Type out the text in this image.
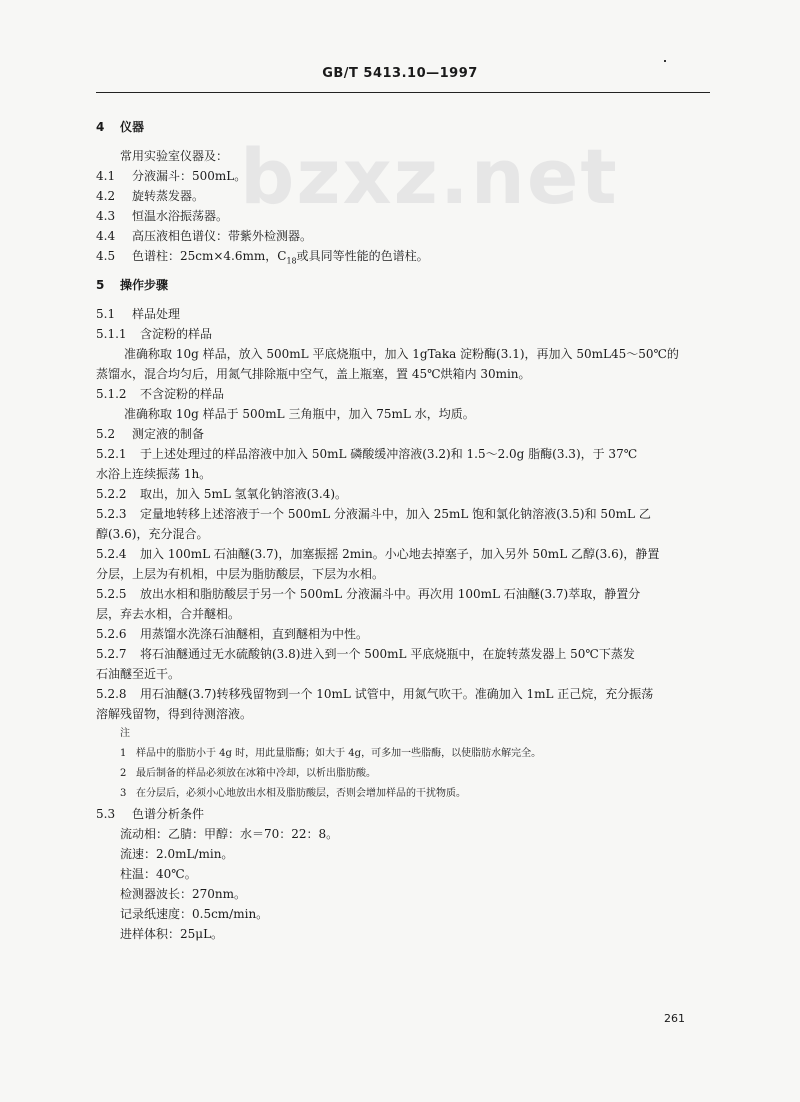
GB/T 5413.10—1997
bzxz.net
4 仪器
常用实验室仪器及：
4.1 分液漏斗：500mL。
4.2 旋转蒸发器。
4.3 恒温水浴振荡器。
4.4 高压液相色谱仪：带紫外检测器。
4.5 色谱柱：25cm×4.6mm，$C_{18}$或具同等性能的色谱柱。
5 操作步骤
5.1 样品处理
5.1.1 含淀粉的样品
准确称取 10g 样品，放入 500mL 平底烧瓶中，加入 1gTaka 淀粉酶(3.1)，再加入 50mL45～50℃的
蒸馏水，混合均匀后，用氮气排除瓶中空气，盖上瓶塞，置 45℃烘箱内 30min。
5.1.2 不含淀粉的样品
准确称取 10g 样品于 500mL 三角瓶中，加入 75mL 水，均质。
5.2 测定液的制备
5.2.1 于上述处理过的样品溶液中加入 50mL 磷酸缓冲溶液(3.2)和 1.5～2.0g 脂酶(3.3)，于 37℃
水浴上连续振荡 1h。
5.2.2 取出，加入 5mL 氢氧化钠溶液(3.4)。
5.2.3 定量地转移上述溶液于一个 500mL 分液漏斗中，加入 25mL 饱和氯化钠溶液(3.5)和 50mL 乙
醇(3.6)，充分混合。
5.2.4 加入 100mL 石油醚(3.7)，加塞振摇 2min。小心地去掉塞子，加入另外 50mL 乙醇(3.6)，静置
分层，上层为有机相，中层为脂肪酸层，下层为水相。
5.2.5 放出水相和脂肪酸层于另一个 500mL 分液漏斗中。再次用 100mL 石油醚(3.7)萃取，静置分
层，弃去水相，合并醚相。
5.2.6 用蒸馏水洗涤石油醚相，直到醚相为中性。
5.2.7 将石油醚通过无水硫酸钠(3.8)进入到一个 500mL 平底烧瓶中，在旋转蒸发器上 50℃下蒸发
石油醚至近干。
5.2.8 用石油醚(3.7)转移残留物到一个 10mL 试管中，用氮气吹干。准确加入 1mL 正己烷，充分振荡
溶解残留物，得到待测溶液。
注
1 样品中的脂肪小于 4g 时，用此量脂酶；如大于 4g，可多加一些脂酶，以使脂肪水解完全。
2 最后制备的样品必须放在冰箱中冷却，以析出脂肪酸。
3 在分层后，必须小心地放出水相及脂肪酸层，否则会增加样品的干扰物质。
5.3 色谱分析条件
流动相：乙腈：甲醇：水＝70：22：8。
流速：2.0mL/min。
柱温：40℃。
检测器波长：270nm。
记录纸速度：0.5cm/min。
进样体积：25μL。
261
